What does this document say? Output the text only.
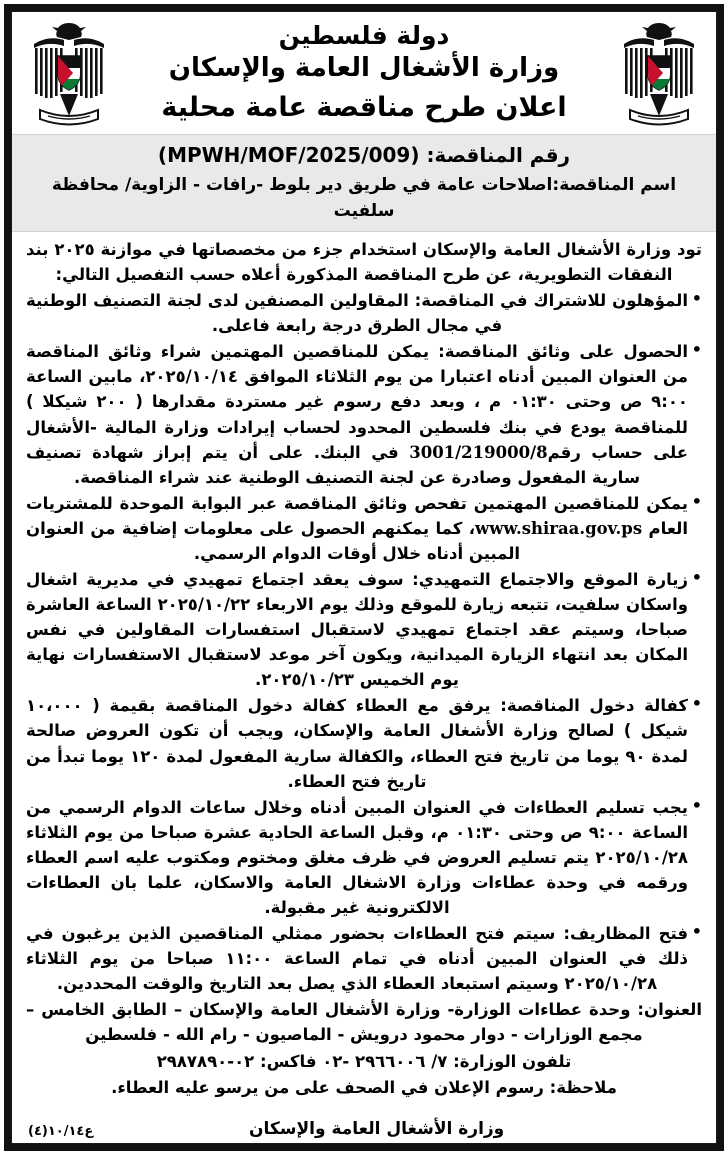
دولة فلسطين
وزارة الأشغال العامة والإسكان
اعلان طرح مناقصة عامة محلية
رقم المناقصة: (MPWH/MOF/2025/009)
اسم المناقصة:اصلاحات عامة في طريق دير بلوط -رافات - الزاوية/ محافظة سلفيت

تود وزارة الأشغال العامة والإسكان استخدام جزء من مخصصاتها في موازنة ٢٠٢٥ بند النفقات التطويرية، عن طرح المناقصة المذكورة أعلاه حسب التفصيل التالي:

• المؤهلون للاشتراك في المناقصة: المقاولين المصنفين لدى لجنة التصنيف الوطنية في مجال الطرق درجة رابعة فاعلى.

• الحصول على وثائق المناقصة: يمكن للمناقصين المهتمين شراء وثائق المناقصة من العنوان المبين أدناه اعتبارا من يوم الثلاثاء الموافق ٢٠٢٥/١٠/١٤، مابين الساعة ٩:٠٠ ص وحتى ٠١:٣٠ م ، وبعد دفع رسوم غير مستردة مقدارها ( ٢٠٠ شيكلا ) للمناقصة يودع في بنك فلسطين المحدود لحساب إيرادات وزارة المالية -الأشغال على حساب رقم3001/219000/8 في البنك. على أن يتم إبراز شهادة تصنيف سارية المفعول وصادرة عن لجنة التصنيف الوطنية عند شراء المناقصة.

• يمكن للمناقصين المهتمين تفحص وثائق المناقصة عبر البوابة الموحدة للمشتريات العام www.shiraa.gov.ps، كما يمكنهم الحصول على معلومات إضافية من العنوان المبين أدناه خلال أوقات الدوام الرسمي.

• زيارة الموقع والاجتماع التمهيدي: سوف يعقد اجتماع تمهيدي في مديرية اشغال واسكان سلفيت، تتبعه زيارة للموقع وذلك يوم الاربعاء ٢٠٢٥/١٠/٢٢ الساعة العاشرة صباحا، وسيتم عقد اجتماع تمهيدي لاستقبال استفسارات المقاولين في نفس المكان بعد انتهاء الزيارة الميدانية، ويكون آخر موعد لاستقبال الاستفسارات نهاية يوم الخميس ٢٠٢٥/١٠/٢٣.

• كفالة دخول المناقصة: يرفق مع العطاء كفالة دخول المناقصة بقيمة ( ١٠،٠٠٠ شيكل ) لصالح وزارة الأشغال العامة والإسكان، ويجب أن تكون العروض صالحة لمدة ٩٠ يوما من تاريخ فتح العطاء، والكفالة سارية المفعول لمدة ١٢٠ يوما تبدأ من تاريخ فتح العطاء.

• يجب تسليم العطاءات في العنوان المبين أدناه وخلال ساعات الدوام الرسمي من الساعة ٩:٠٠ ص وحتى ٠١:٣٠ م، وقبل الساعة الحادية عشرة صباحا من يوم الثلاثاء ٢٠٢٥/١٠/٢٨ يتم تسليم العروض في ظرف مغلق ومختوم ومكتوب عليه اسم العطاء ورقمه في وحدة عطاءات وزارة الاشغال العامة والاسكان، علما بان العطاءات الالكترونية غير مقبولة.

• فتح المظاريف: سيتم فتح العطاءات بحضور ممثلي المناقصين الذين يرغبون في ذلك في العنوان المبين أدناه في تمام الساعة ١١:٠٠ صباحا من يوم الثلاثاء ٢٠٢٥/١٠/٢٨ وسيتم استبعاد العطاء الذي يصل بعد التاريخ والوقت المحددين.

العنوان: وحدة عطاءات الوزارة- وزارة الأشغال العامة والإسكان – الطابق الخامس – مجمع الوزارات - دوار محمود درويش - الماصيون - رام الله - فلسطين

تلفون الوزارة: ٧/ ٢٩٦٦٠٠٦ -٠٢ فاكس: ٠٢-٢٩٨٧٨٩٠

ملاحظة: رسوم الإعلان في الصحف على من يرسو عليه العطاء.

وزارة الأشغال العامة والإسكان
ع١٠/١٤(٤)
